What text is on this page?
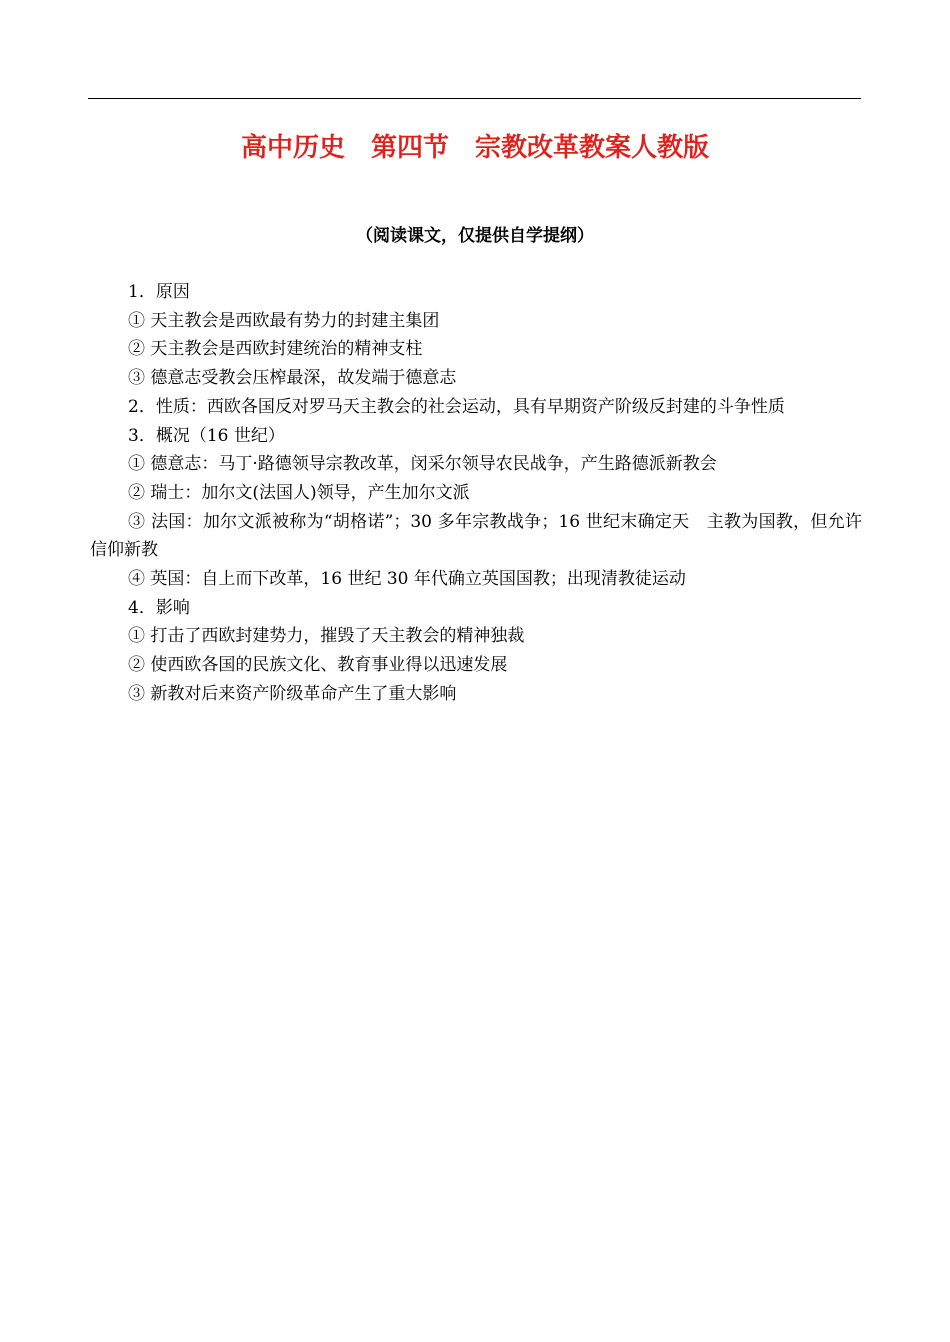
高中历史　第四节　宗教改革教案人教版

（阅读课文，仅提供自学提纲）

1．原因

① 天主教会是西欧最有势力的封建主集团

② 天主教会是西欧封建统治的精神支柱

③ 德意志受教会压榨最深，故发端于德意志

2．性质：西欧各国反对罗马天主教会的社会运动，具有早期资产阶级反封建的斗争性质

3．概况（16 世纪）

① 德意志：马丁·路德领导宗教改革，闵采尔领导农民战争，产生路德派新教会

② 瑞士：加尔文(法国人)领导，产生加尔文派

③ 法国：加尔文派被称为“胡格诺”；30 多年宗教战争；16 世纪末确定天　主教为国教，但允许信仰新教

④ 英国：自上而下改革，16 世纪 30 年代确立英国国教；出现清教徒运动

4．影响

① 打击了西欧封建势力，摧毁了天主教会的精神独裁

② 使西欧各国的民族文化、教育事业得以迅速发展

③ 新教对后来资产阶级革命产生了重大影响
